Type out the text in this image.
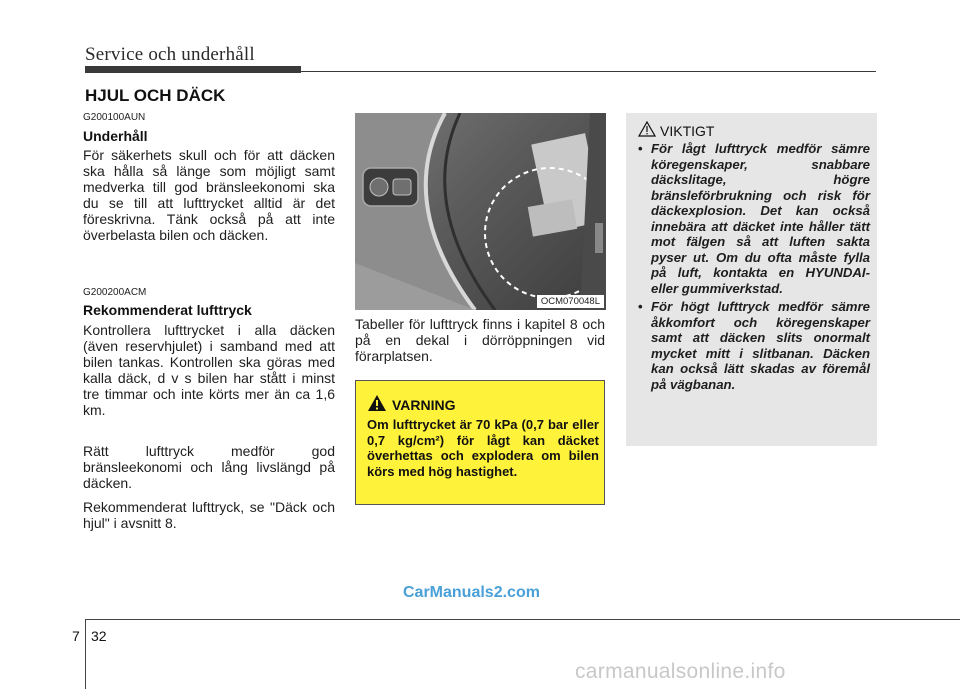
Service och underhåll
HJUL OCH DÄCK
G200100AUN
Underhåll
För säkerhets skull och för att däcken ska hålla så länge som möjligt samt medverka till god bränsleekonomi ska du se till att lufttrycket alltid är det föreskrivna. Tänk också på att inte överbelasta bilen och däcken.
G200200ACM
Rekommenderat lufttryck
Kontrollera lufttrycket i alla däcken (även reservhjulet) i samband med att bilen tankas. Kontrollen ska göras med kalla däck, d v s bilen har stått i minst tre timmar och inte körts mer än ca 1,6 km.
Rätt lufttryck medför god bränsleekonomi och lång livslängd på däcken.
Rekommenderat lufttryck, se "Däck och hjul" i avsnitt 8.
OCM070048L
Tabeller för lufttryck finns i kapitel 8 och på en dekal i dörröppningen vid förarplatsen.
VARNING
Om lufttrycket är 70 kPa (0,7 bar eller 0,7 kg/cm²) för lågt kan däcket överhettas och explodera om bilen körs med hög hastighet.
VIKTIGT
• För lågt lufttryck medför sämre köregenskaper, snabbare däckslitage, högre bränsleförbrukning och risk för däckexplosion. Det kan också innebära att däcket inte håller tätt mot fälgen så att luften sakta pyser ut. Om du ofta måste fylla på luft, kontakta en HYUNDAI- eller gummiverkstad.
• För högt lufttryck medför sämre åkkomfort och köregenskaper samt att däcken slits onormalt mycket mitt i slitbanan. Däcken kan också lätt skadas av föremål på vägbanan.
CarManuals2.com
7 32
carmanualsonline.info
